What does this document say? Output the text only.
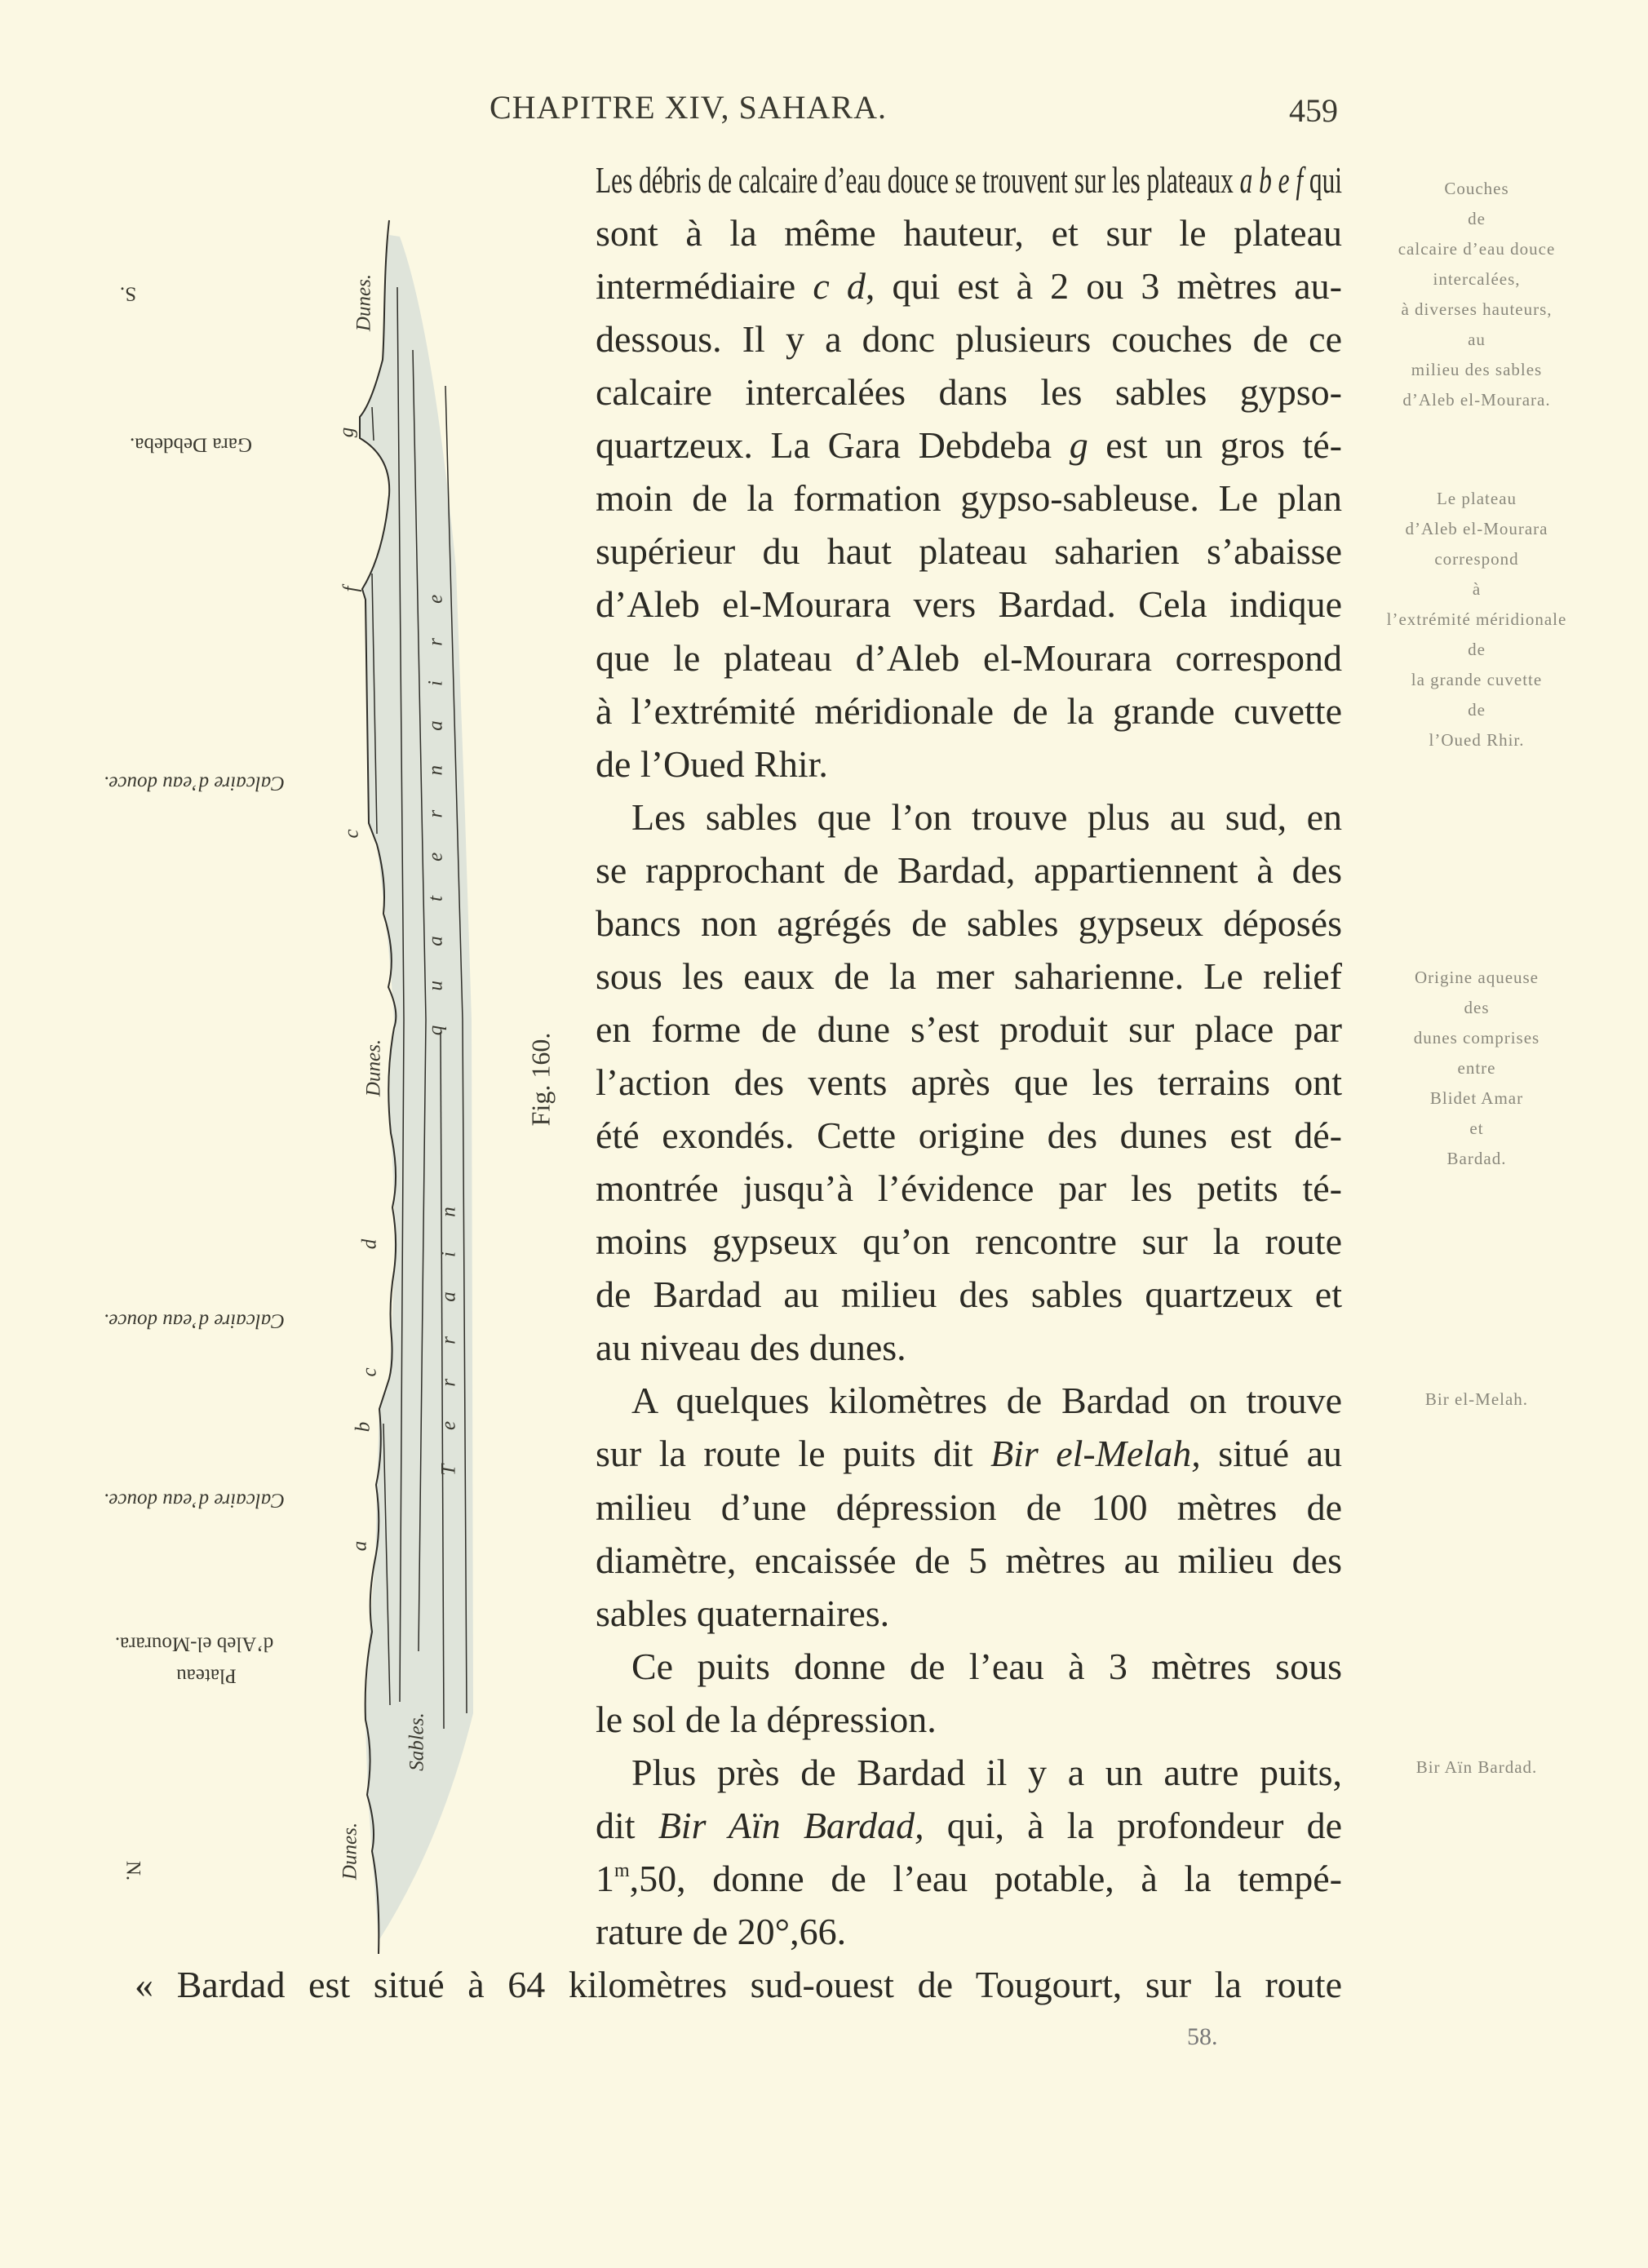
CHAPITRE XIV, SAHARA.	459
Les débris de calcaire d’eau douce se trouvent sur les plateaux a b e f qui
sont à la même hauteur, et sur le plateau
intermédiaire c d, qui est à 2 ou 3 mètres au-
dessous. Il y a donc plusieurs couches de ce
calcaire intercalées dans les sables gypso-
quartzeux. La Gara Debdeba g est un gros té-
moin de la formation gypso-sableuse. Le plan
supérieur du haut plateau saharien s’abaisse
d’Aleb el-Mourara vers Bardad. Cela indique
que le plateau d’Aleb el-Mourara correspond
à l’extrémité méridionale de la grande cuvette
de l’Oued Rhir.
Les sables que l’on trouve plus au sud, en
se rapprochant de Bardad, appartiennent à des
bancs non agrégés de sables gypseux déposés
sous les eaux de la mer saharienne. Le relief
en forme de dune s’est produit sur place par
l’action des vents après que les terrains ont
été exondés. Cette origine des dunes est dé-
montrée jusqu’à l’évidence par les petits té-
moins gypseux qu’on rencontre sur la route
de Bardad au milieu des sables quartzeux et
au niveau des dunes.
A quelques kilomètres de Bardad on trouve
sur la route le puits dit Bir el-Melah, situé au
milieu d’une dépression de 100 mètres de
diamètre, encaissée de 5 mètres au milieu des
sables quaternaires.
Ce puits donne de l’eau à 3 mètres sous
le sol de la dépression.
Plus près de Bardad il y a un autre puits,
dit Bir Aïn Bardad, qui, à la profondeur de
1$^m$,50, donne de l’eau potable, à la tempé-
rature de 20°,66.
« Bardad est situé à 64 kilomètres sud-ouest de Tougourt, sur la route
Couches
de
calcaire d’eau douce
intercalées,
à diverses hauteurs,
au
milieu des sables
d’Aleb el-Mourara.
Le plateau
d’Aleb el-Mourara
correspond
à
l’extrémité méridionale
de
la grande cuvette
de
l’Oued Rhir.
Origine aqueuse
des
dunes comprises
entre
Blidet Amar
et
Bardad.
Bir el-Melah.
Bir Aïn Bardad.
S.
Gara Debdeba.
Calcaire d’eau douce.
Calcaire d’eau douce.
Calcaire d’eau douce.
d’Aleb el-Mourara.
Plateau
N.
Dunes.
Dunes.
Dunes.
Sables.
q u a t e r n a i r e
T e r r a i n
g
f
c
d
c
b
a
Fig. 160.
58.
